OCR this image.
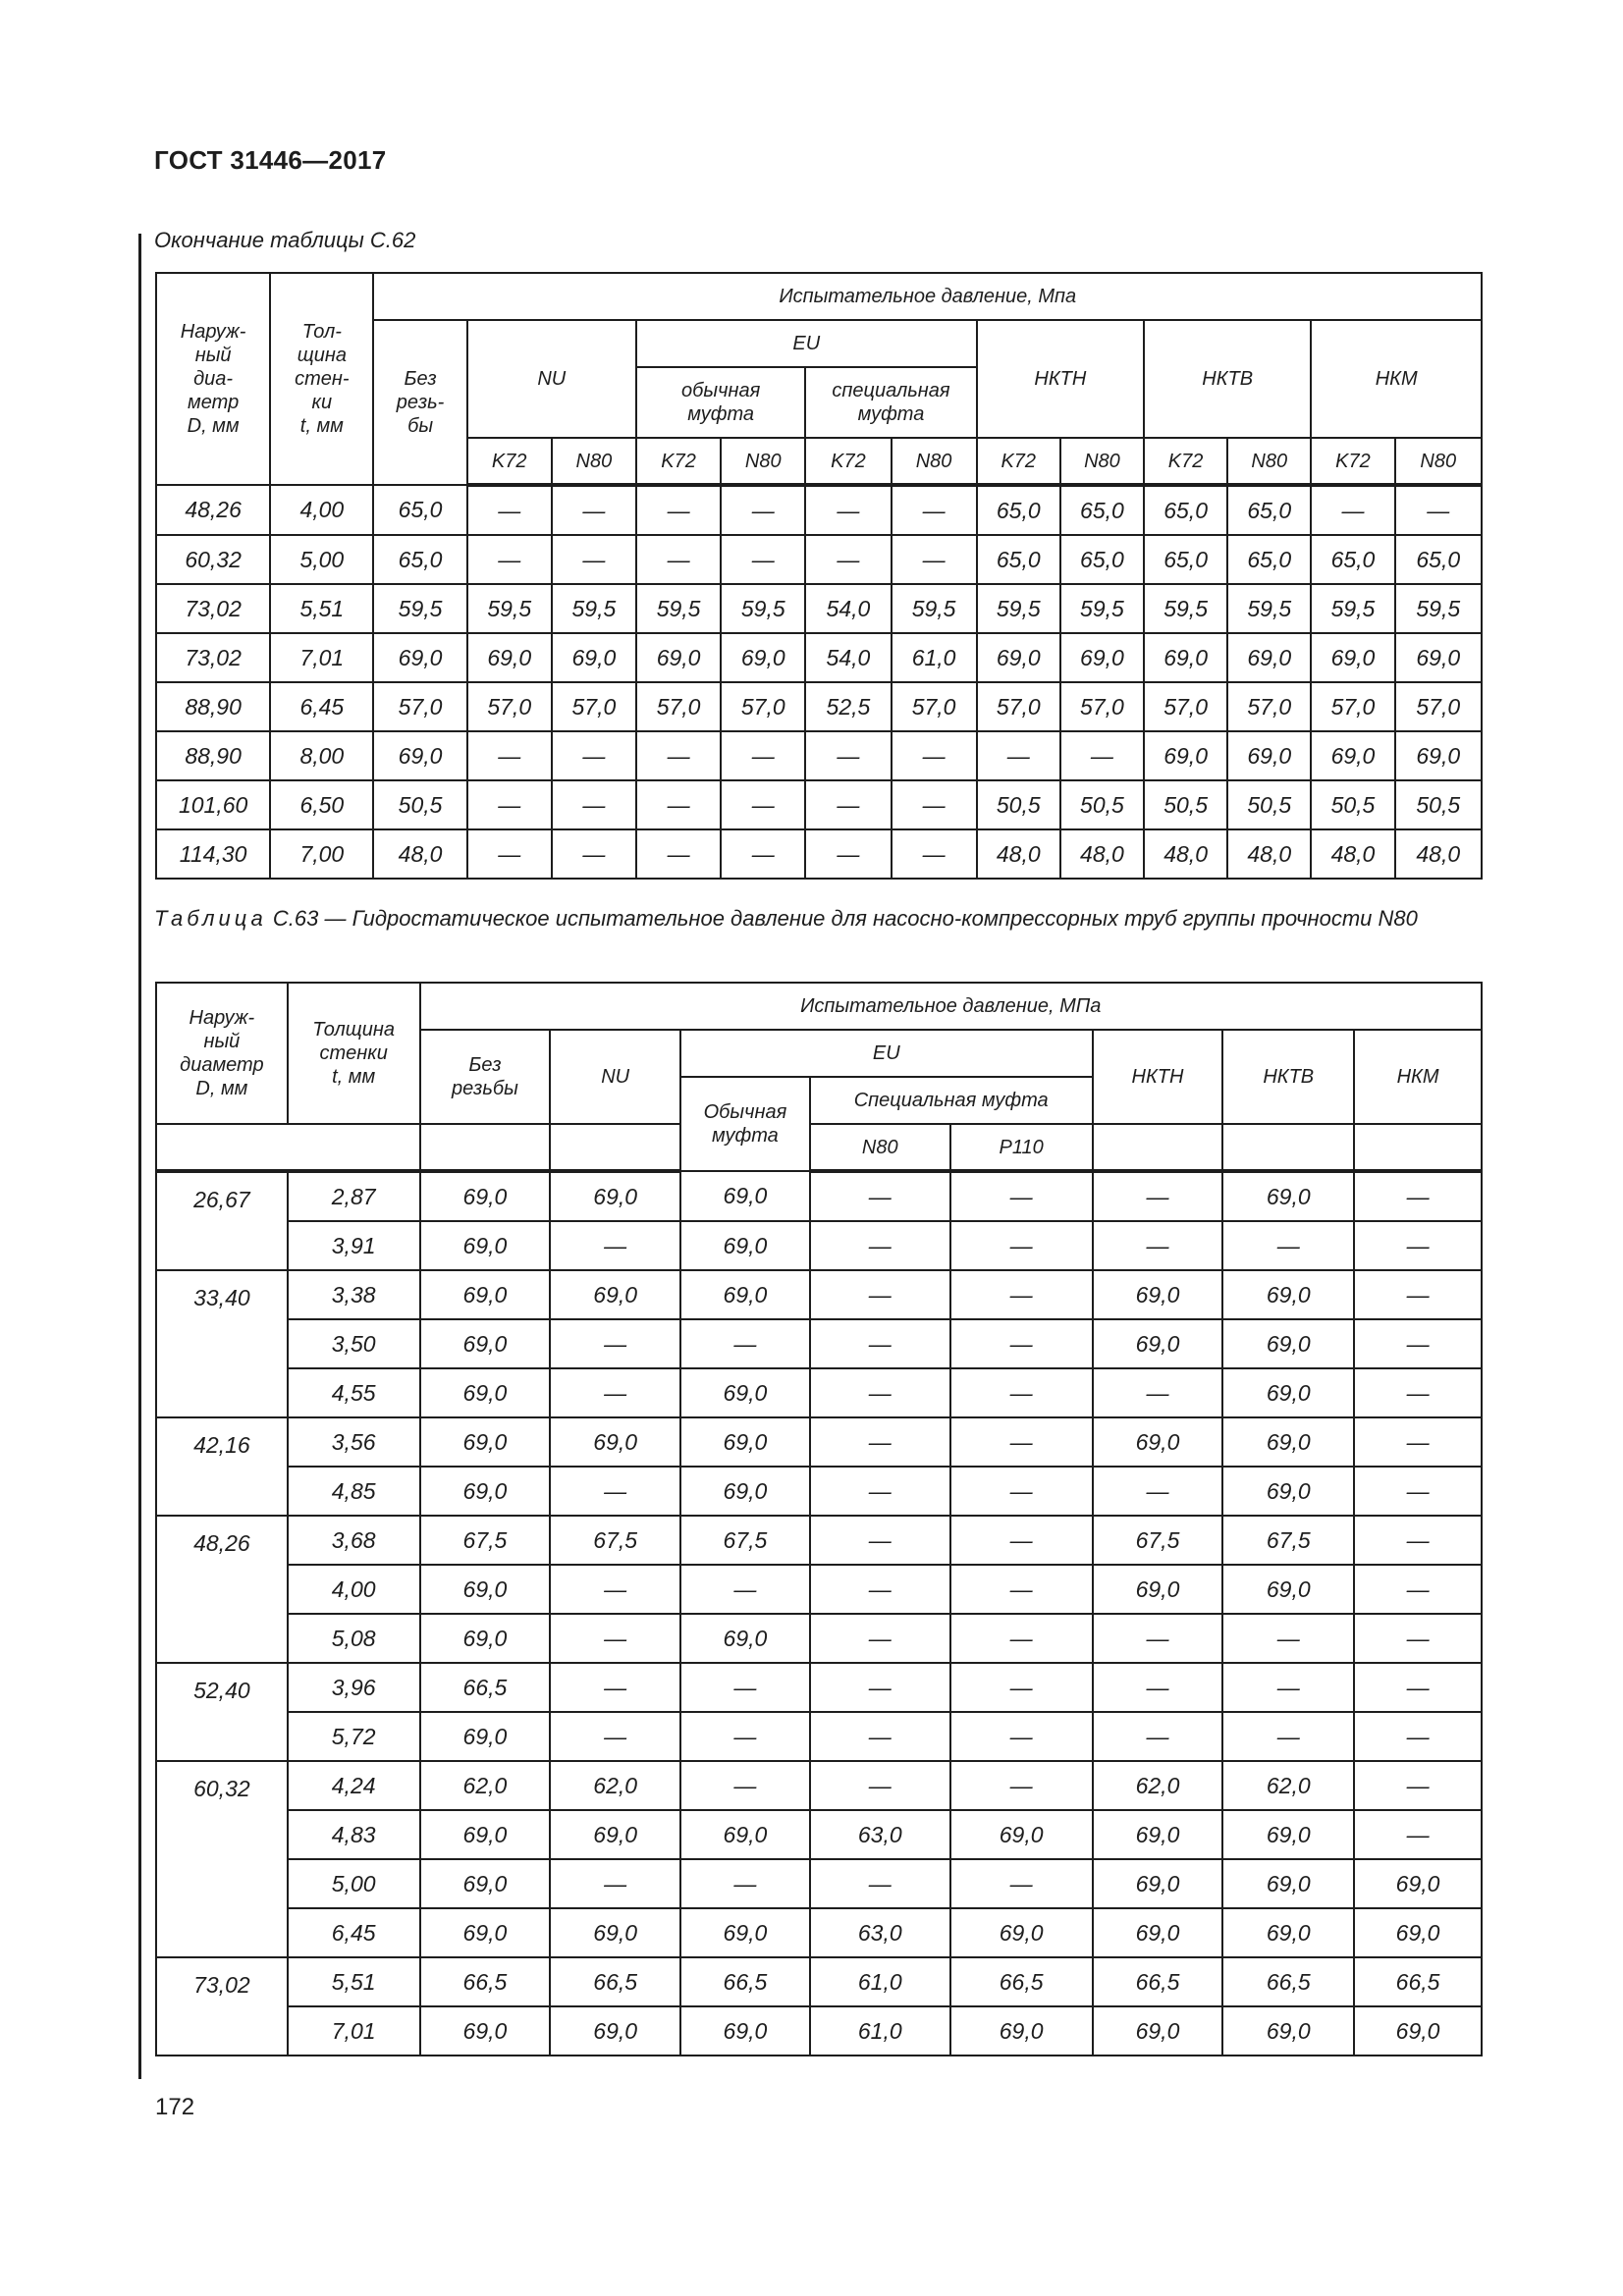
ГОСТ 31446—2017
Окончание таблицы С.62
Наруж-
ный
диа-
метр
D, мм	Тол-
щина
стен-
ки
t, мм	Испытательное давление, Мпа												
		Без
резь-
бы	NU		EU				НКТН		НКТВ		НКМ	
					обычная
муфта		специальная
муфта							
			K72	N80	K72	N80	K72	N80	K72	N80	K72	N80	K72	N80
48,26	4,00	65,0	—	—	—	—	—	—	65,0	65,0	65,0	65,0	—	—
60,32	5,00	65,0	—	—	—	—	—	—	65,0	65,0	65,0	65,0	65,0	65,0
73,02	5,51	59,5	59,5	59,5	59,5	59,5	54,0	59,5	59,5	59,5	59,5	59,5	59,5	59,5
73,02	7,01	69,0	69,0	69,0	69,0	69,0	54,0	61,0	69,0	69,0	69,0	69,0	69,0	69,0
88,90	6,45	57,0	57,0	57,0	57,0	57,0	52,5	57,0	57,0	57,0	57,0	57,0	57,0	57,0
88,90	8,00	69,0	—	—	—	—	—	—	—	—	69,0	69,0	69,0	69,0
101,60	6,50	50,5	—	—	—	—	—	—	50,5	50,5	50,5	50,5	50,5	50,5
114,30	7,00	48,0	—	—	—	—	—	—	48,0	48,0	48,0	48,0	48,0	48,0
Таблица С.63 — Гидростатическое испытательное давление для насосно-компрессорных труб группы прочности N80
Наруж-
ный
диаметр
D, мм	Толщина
стенки
t, мм	Испытательное давление, МПа							
		Без
резьбы	NU	EU			НКТН	НКТВ	НКМ
				Обычная
муфта	Специальная муфта				
					N80	P110			
26,67	2,87	69,0	69,0	69,0	—	—	—	69,0	—
	3,91	69,0	—	69,0	—	—	—	—	—
33,40	3,38	69,0	69,0	69,0	—	—	69,0	69,0	—
	3,50	69,0	—	—	—	—	69,0	69,0	—
	4,55	69,0	—	69,0	—	—	—	69,0	—
42,16	3,56	69,0	69,0	69,0	—	—	69,0	69,0	—
	4,85	69,0	—	69,0	—	—	—	69,0	—
48,26	3,68	67,5	67,5	67,5	—	—	67,5	67,5	—
	4,00	69,0	—	—	—	—	69,0	69,0	—
	5,08	69,0	—	69,0	—	—	—	—	—
52,40	3,96	66,5	—	—	—	—	—	—	—
	5,72	69,0	—	—	—	—	—	—	—
60,32	4,24	62,0	62,0	—	—	—	62,0	62,0	—
	4,83	69,0	69,0	69,0	63,0	69,0	69,0	69,0	—
	5,00	69,0	—	—	—	—	69,0	69,0	69,0
	6,45	69,0	69,0	69,0	63,0	69,0	69,0	69,0	69,0
73,02	5,51	66,5	66,5	66,5	61,0	66,5	66,5	66,5	66,5
	7,01	69,0	69,0	69,0	61,0	69,0	69,0	69,0	69,0
172
